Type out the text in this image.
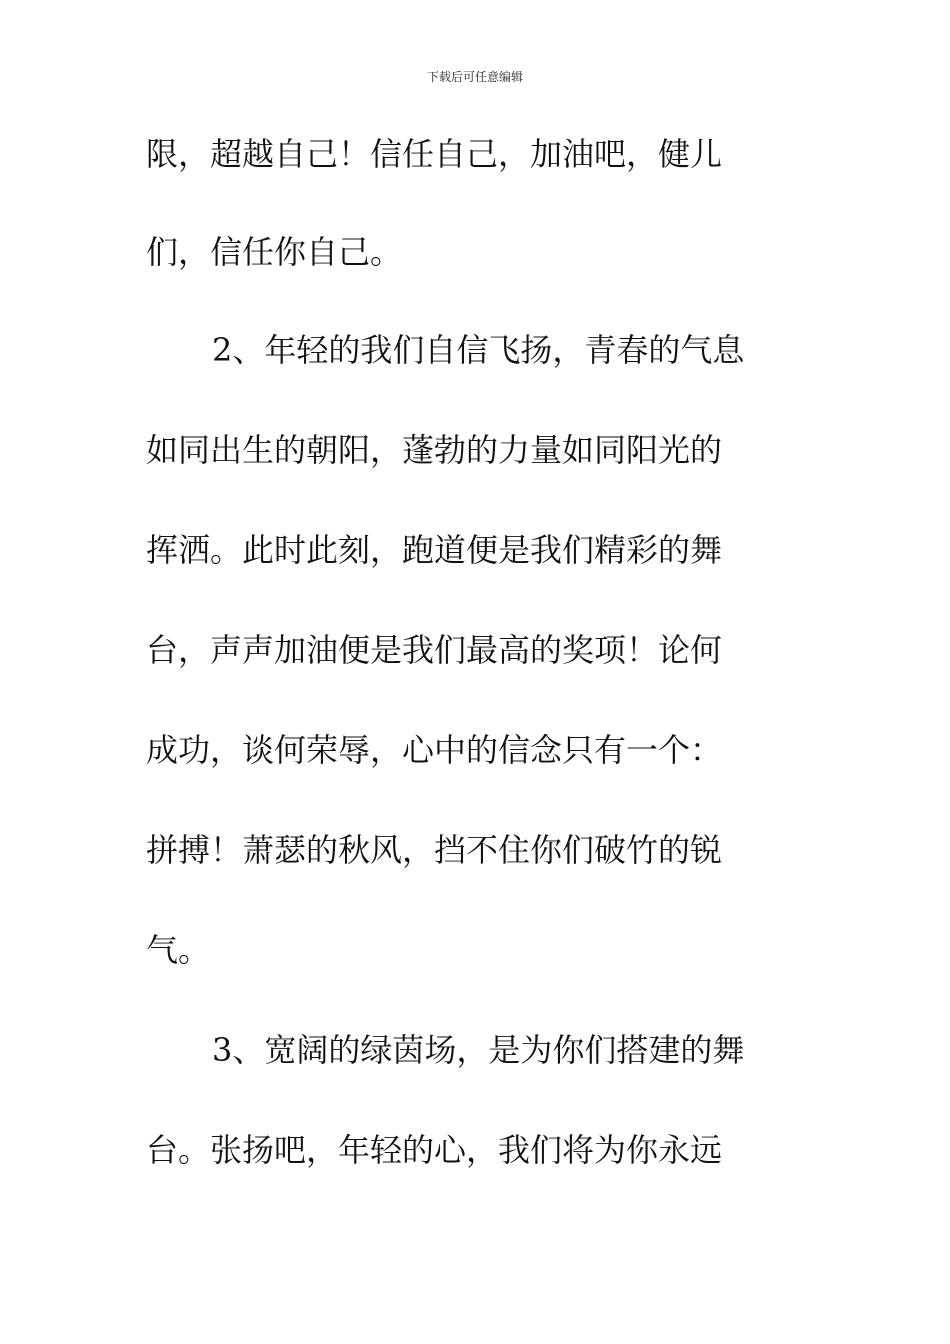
下载后可任意编辑
限，超越自己！信任自己，加油吧，健儿
们，信任你自己。
2、年轻的我们自信飞扬，青春的气息
如同出生的朝阳，蓬勃的力量如同阳光的
挥洒。此时此刻，跑道便是我们精彩的舞
台，声声加油便是我们最高的奖项！论何
成功，谈何荣辱，心中的信念只有一个：
拼搏！萧瑟的秋风，挡不住你们破竹的锐
气。
3、宽阔的绿茵场，是为你们搭建的舞
台。张扬吧，年轻的心，我们将为你永远
